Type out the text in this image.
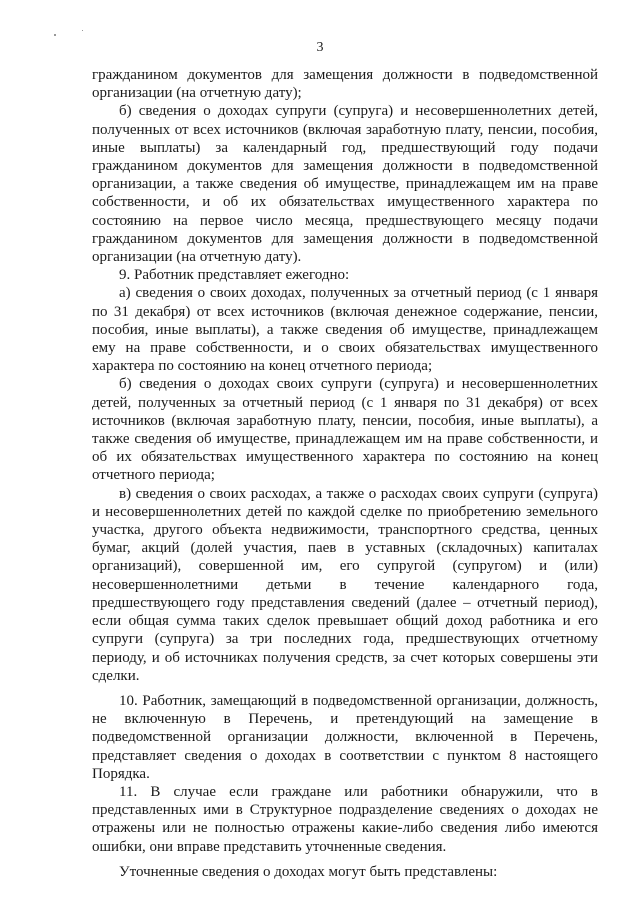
3

гражданином документов для замещения должности в подведомственной организации (на отчетную дату);

б) сведения о доходах супруги (супруга) и несовершеннолетних детей, полученных от всех источников (включая заработную плату, пенсии, пособия, иные выплаты) за календарный год, предшествующий году подачи гражданином документов для замещения должности в подведомственной организации, а также сведения об имуществе, принадлежащем им на праве собственности, и об их обязательствах имущественного характера по состоянию на первое число месяца, предшествующего месяцу подачи гражданином документов для замещения должности в подведомственной организации (на отчетную дату).

9. Работник представляет ежегодно:

а) сведения о своих доходах, полученных за отчетный период (с 1 января по 31 декабря) от всех источников (включая денежное содержание, пенсии, пособия, иные выплаты), а также сведения об имуществе, принадлежащем ему на праве собственности, и о своих обязательствах имущественного характера по состоянию на конец отчетного периода;

б) сведения о доходах своих супруги (супруга) и несовершеннолетних детей, полученных за отчетный период (с 1 января по 31 декабря) от всех источников (включая заработную плату, пенсии, пособия, иные выплаты), а также сведения об имуществе, принадлежащем им на праве собственности, и об их обязательствах имущественного характера по состоянию на конец отчетного периода;

в) сведения о своих расходах, а также о расходах своих супруги (супруга) и несовершеннолетних детей по каждой сделке по приобретению земельного участка, другого объекта недвижимости, транспортного средства, ценных бумаг, акций (долей участия, паев в уставных (складочных) капиталах организаций), совершенной им, его супругой (супругом) и (или) несовершеннолетними детьми в течение календарного года, предшествующего году представления сведений (далее – отчетный период), если общая сумма таких сделок превышает общий доход работника и его супруги (супруга) за три последних года, предшествующих отчетному периоду, и об источниках получения средств, за счет которых совершены эти сделки.

10. Работник, замещающий в подведомственной организации, должность, не включенную в Перечень, и претендующий на замещение в подведомственной организации должности, включенной в Перечень, представляет сведения о доходах в соответствии с пунктом 8 настоящего Порядка.

11. В случае если граждане или работники обнаружили, что в представленных ими в Структурное подразделение сведениях о доходах не отражены или не полностью отражены какие-либо сведения либо имеются ошибки, они вправе представить уточненные сведения.

Уточненные сведения о доходах могут быть представлены:
